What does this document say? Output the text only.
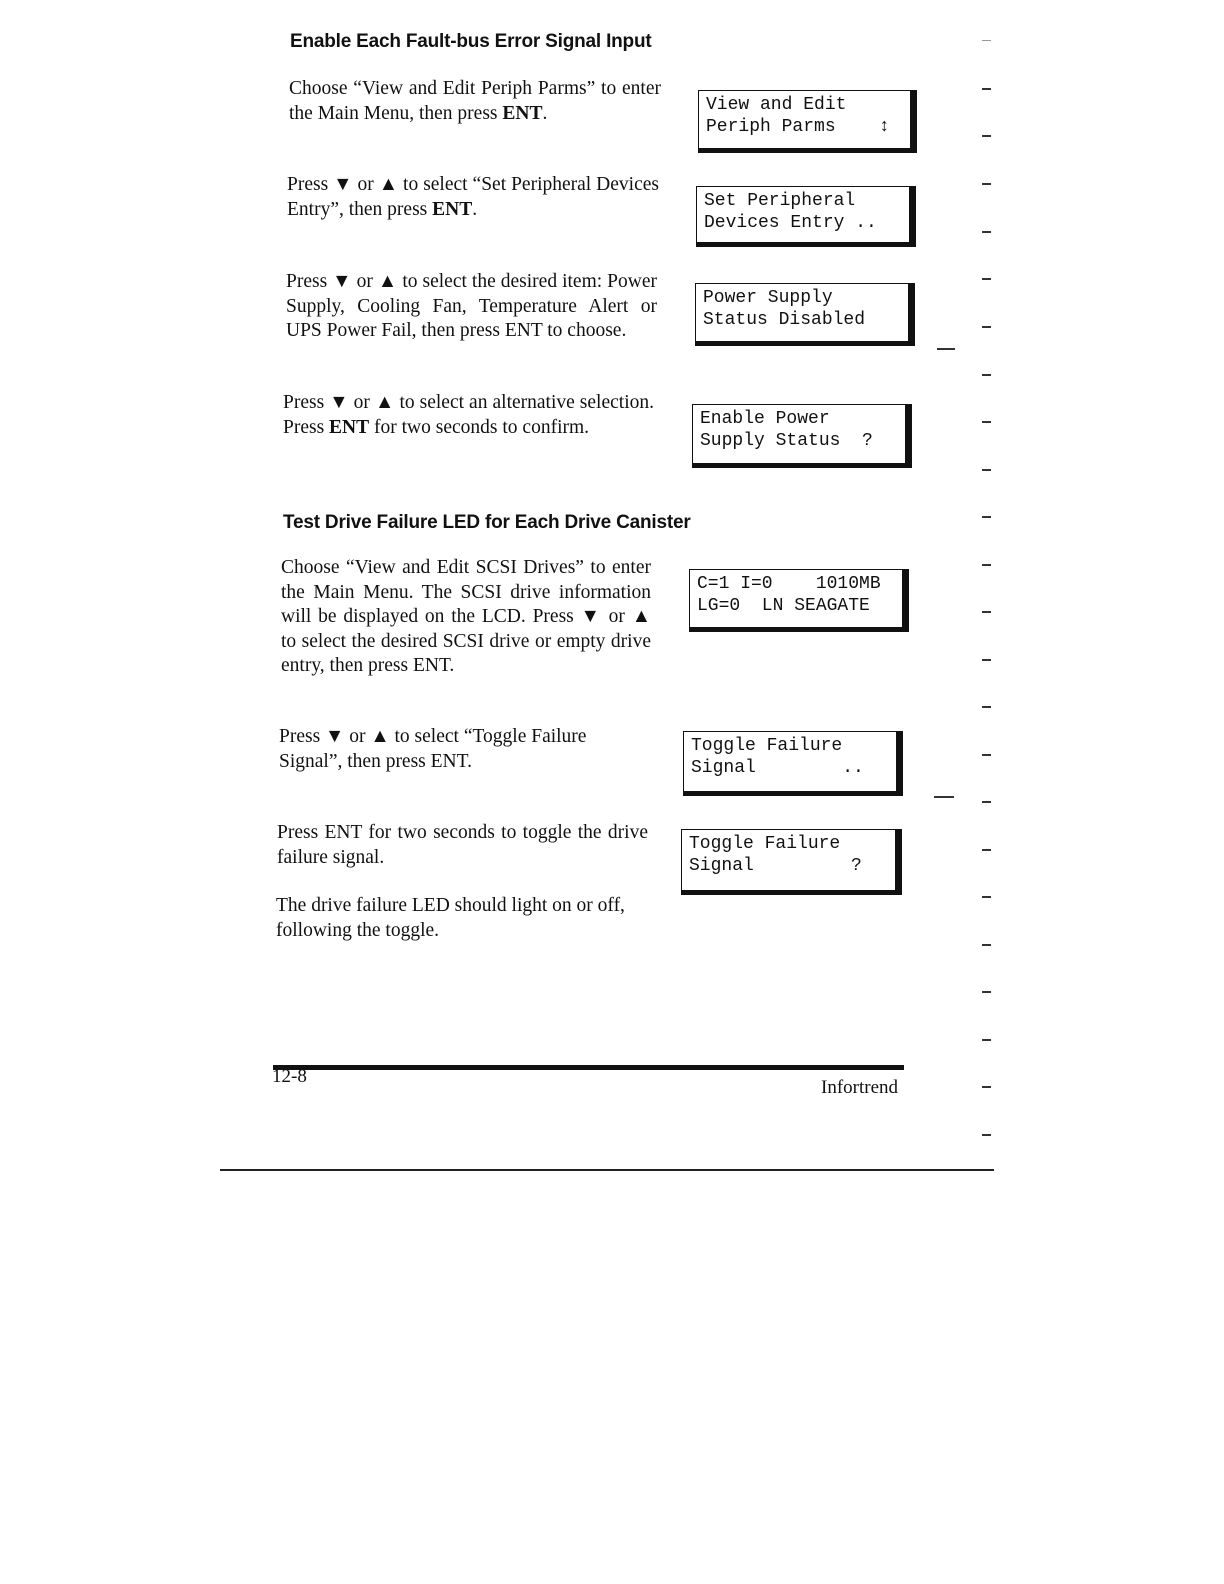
Enable Each Fault-bus Error Signal Input

Choose “View and Edit Periph Parms” to enter the Main Menu, then press ENT.	View and Edit
Periph Parms    ↕

Press ▼ or ▲ to select “Set Peripheral Devices Entry”, then press ENT.	Set Peripheral
Devices Entry ..

Press ▼ or ▲ to select the desired item: Power Supply, Cooling Fan, Temperature Alert or UPS Power Fail, then press ENT to choose.

Power Supply
Status Disabled

Press ▼ or ▲ to select an alternative selection. Press ENT for two seconds to confirm.	Enable Power
Supply Status  ?
Test Drive Failure LED for Each Drive Canister

Choose “View and Edit SCSI Drives” to enter the Main Menu. The SCSI drive information will be displayed on the LCD. Press ▼ or ▲ to select the desired SCSI drive or empty drive entry, then press ENT.

C=1 I=0    1010MB
LG=0  LN SEAGATE

Press ▼ or ▲ to select “Toggle Failure Signal”, then press ENT.

Toggle Failure
Signal        ..

Press ENT for two seconds to toggle the drive failure signal.

Toggle Failure
Signal         ?

The drive failure LED should light on or off, following the toggle.

12-8
Infortrend
